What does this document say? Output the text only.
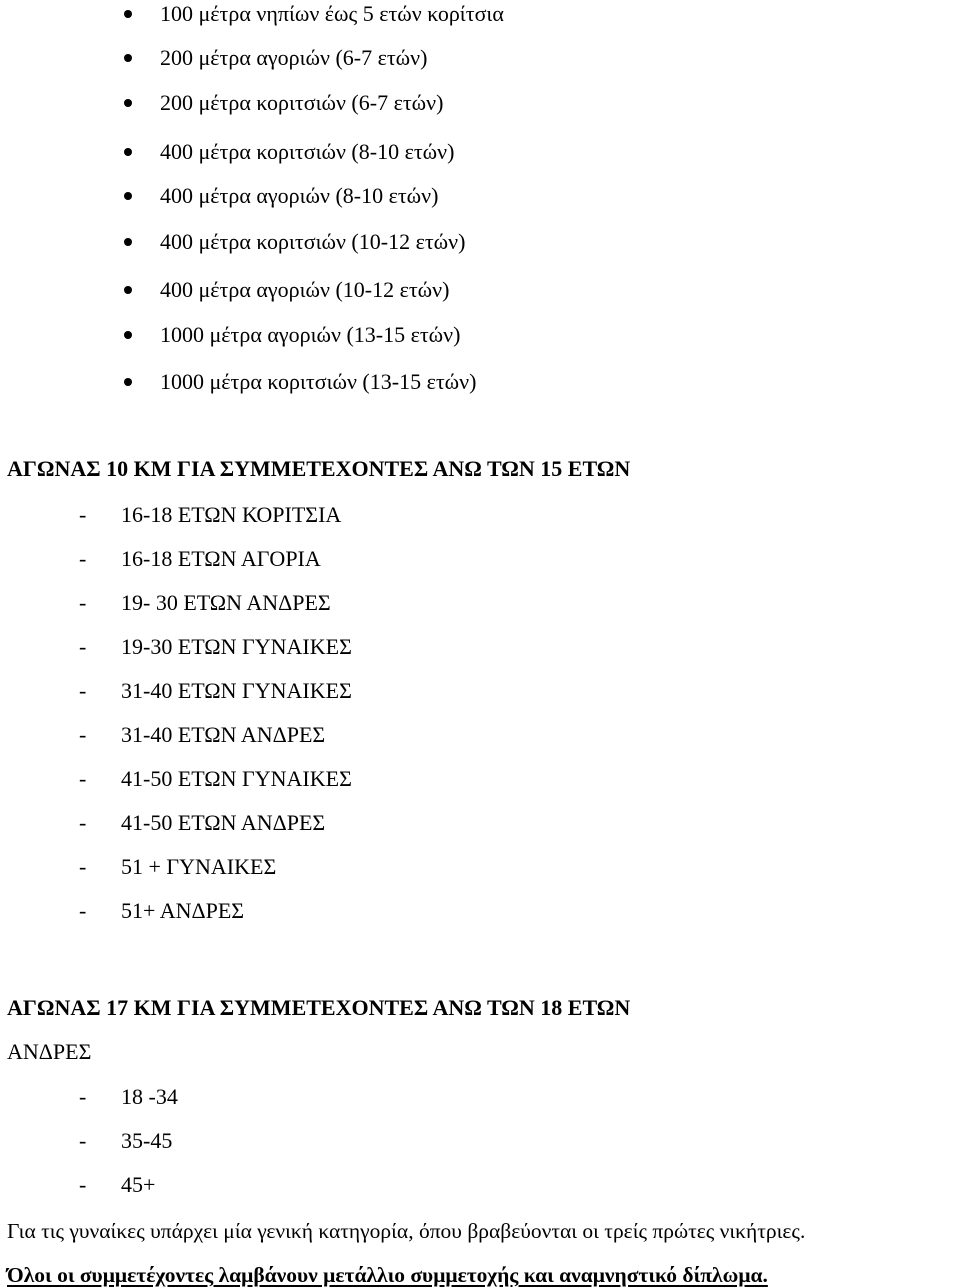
100 μέτρα νηπίων έως 5 ετών κορίτσια
200 μέτρα αγοριών (6-7 ετών)
200 μέτρα κοριτσιών (6-7 ετών)
400 μέτρα κοριτσιών (8-10 ετών)
400 μέτρα αγοριών (8-10 ετών)
400 μέτρα κοριτσιών (10-12 ετών)
400 μέτρα αγοριών (10-12 ετών)
1000 μέτρα αγοριών (13-15 ετών)
1000 μέτρα κοριτσιών (13-15 ετών)
ΑΓΩΝΑΣ 10 ΚΜ ΓΙΑ ΣΥΜΜΕΤΕΧΟΝΤΕΣ ΑΝΩ ΤΩΝ 15 ΕΤΩΝ
- 16-18 ΕΤΩΝ ΚΟΡΙΤΣΙΑ
- 16-18 ΕΤΩΝ ΑΓΟΡΙΑ
- 19- 30 ΕΤΩΝ ΑΝΔΡΕΣ
- 19-30 ΕΤΩΝ ΓΥΝΑΙΚΕΣ
- 31-40 ΕΤΩΝ ΓΥΝΑΙΚΕΣ
- 31-40 ΕΤΩΝ ΑΝΔΡΕΣ
- 41-50 ΕΤΩΝ ΓΥΝΑΙΚΕΣ
- 41-50 ΕΤΩΝ ΑΝΔΡΕΣ
- 51 + ΓΥΝΑΙΚΕΣ
- 51+ ΑΝΔΡΕΣ
ΑΓΩΝΑΣ 17 ΚΜ ΓΙΑ ΣΥΜΜΕΤΕΧΟΝΤΕΣ ΑΝΩ ΤΩΝ 18 ΕΤΩΝ
ΑΝΔΡΕΣ
- 18 -34
- 35-45
- 45+
Για τις γυναίκες υπάρχει μία γενική κατηγορία, όπου βραβεύονται οι τρείς πρώτες νικήτριες.
Όλοι οι συμμετέχοντες λαμβάνουν μετάλλιο συμμετοχής και αναμνηστικό δίπλωμα.
